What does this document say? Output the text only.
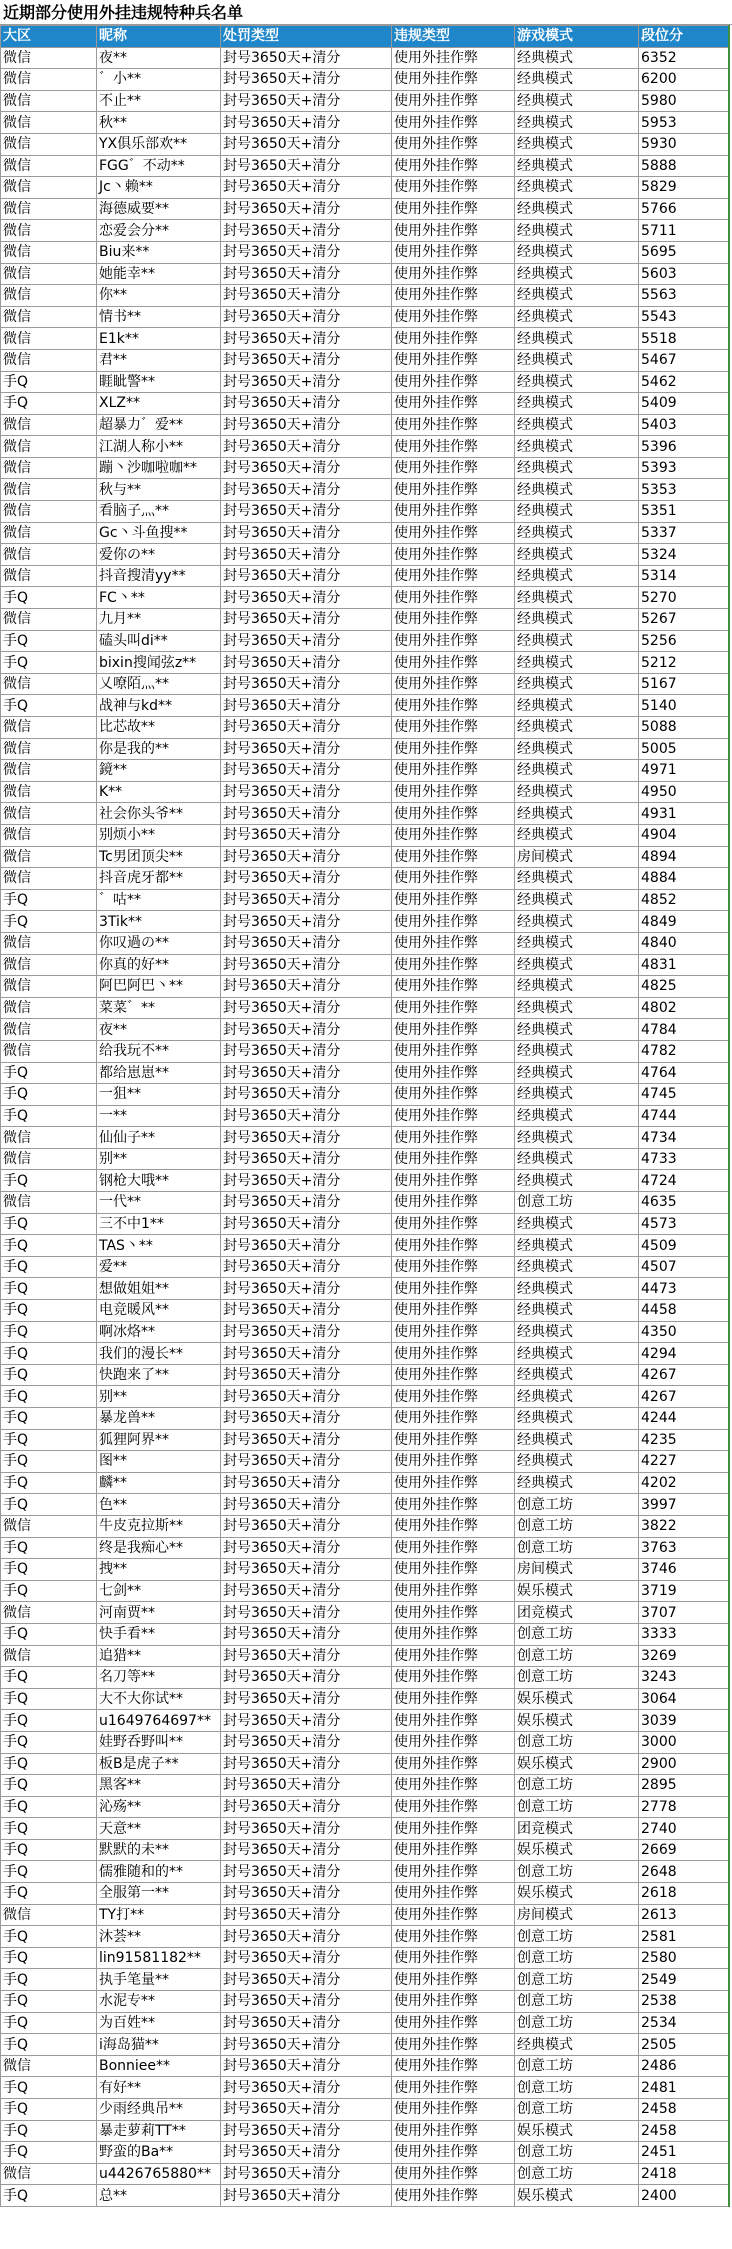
近期部分使用外挂违规特种兵名单
大区	昵称	处罚类型	违规类型	游戏模式	段位分
微信	夜**	封号3650天+清分	使用外挂作弊	经典模式	6352
微信	゛小**	封号3650天+清分	使用外挂作弊	经典模式	6200
微信	不止**	封号3650天+清分	使用外挂作弊	经典模式	5980
微信	秋**	封号3650天+清分	使用外挂作弊	经典模式	5953
微信	YX俱乐部欢**	封号3650天+清分	使用外挂作弊	经典模式	5930
微信	FGG゛不动**	封号3650天+清分	使用外挂作弊	经典模式	5888
微信	Jc丶赖**	封号3650天+清分	使用外挂作弊	经典模式	5829
微信	海德威要**	封号3650天+清分	使用外挂作弊	经典模式	5766
微信	恋爱会分**	封号3650天+清分	使用外挂作弊	经典模式	5711
微信	Biu来**	封号3650天+清分	使用外挂作弊	经典模式	5695
微信	她能幸**	封号3650天+清分	使用外挂作弊	经典模式	5603
微信	你**	封号3650天+清分	使用外挂作弊	经典模式	5563
微信	情书**	封号3650天+清分	使用外挂作弊	经典模式	5543
微信	E1k**	封号3650天+清分	使用外挂作弊	经典模式	5518
微信	君**	封号3650天+清分	使用外挂作弊	经典模式	5467
手Q	睚眦警**	封号3650天+清分	使用外挂作弊	经典模式	5462
手Q	XLZ**	封号3650天+清分	使用外挂作弊	经典模式	5409
微信	超暴力゛爱**	封号3650天+清分	使用外挂作弊	经典模式	5403
微信	江湖人称小**	封号3650天+清分	使用外挂作弊	经典模式	5396
微信	蹦丶沙咖啦咖**	封号3650天+清分	使用外挂作弊	经典模式	5393
微信	秋与**	封号3650天+清分	使用外挂作弊	经典模式	5353
微信	看脑子灬**	封号3650天+清分	使用外挂作弊	经典模式	5351
微信	Gc丶斗鱼搜**	封号3650天+清分	使用外挂作弊	经典模式	5337
微信	爱你の**	封号3650天+清分	使用外挂作弊	经典模式	5324
微信	抖音搜清yy**	封号3650天+清分	使用外挂作弊	经典模式	5314
手Q	FC丶**	封号3650天+清分	使用外挂作弊	经典模式	5270
微信	九月**	封号3650天+清分	使用外挂作弊	经典模式	5267
手Q	磕头叫di**	封号3650天+清分	使用外挂作弊	经典模式	5256
手Q	bixin搜闻弦z**	封号3650天+清分	使用外挂作弊	经典模式	5212
微信	乂嘹陌灬**	封号3650天+清分	使用外挂作弊	经典模式	5167
手Q	战神与kd**	封号3650天+清分	使用外挂作弊	经典模式	5140
微信	比芯故**	封号3650天+清分	使用外挂作弊	经典模式	5088
微信	你是我的**	封号3650天+清分	使用外挂作弊	经典模式	5005
微信	鏡**	封号3650天+清分	使用外挂作弊	经典模式	4971
微信	K**	封号3650天+清分	使用外挂作弊	经典模式	4950
微信	社会你头爷**	封号3650天+清分	使用外挂作弊	经典模式	4931
微信	别烦小**	封号3650天+清分	使用外挂作弊	经典模式	4904
微信	Tc男团顶尖**	封号3650天+清分	使用外挂作弊	房间模式	4894
微信	抖音虎牙都**	封号3650天+清分	使用外挂作弊	经典模式	4884
手Q	゛咕**	封号3650天+清分	使用外挂作弊	经典模式	4852
手Q	3Tik**	封号3650天+清分	使用外挂作弊	经典模式	4849
微信	你叹過の**	封号3650天+清分	使用外挂作弊	经典模式	4840
微信	你真的好**	封号3650天+清分	使用外挂作弊	经典模式	4831
微信	阿巴阿巴丶**	封号3650天+清分	使用外挂作弊	经典模式	4825
微信	菜菜゛**	封号3650天+清分	使用外挂作弊	经典模式	4802
微信	夜**	封号3650天+清分	使用外挂作弊	经典模式	4784
微信	给我玩不**	封号3650天+清分	使用外挂作弊	经典模式	4782
手Q	都给崽崽**	封号3650天+清分	使用外挂作弊	经典模式	4764
手Q	一狙**	封号3650天+清分	使用外挂作弊	经典模式	4745
手Q	一**	封号3650天+清分	使用外挂作弊	经典模式	4744
微信	仙仙子**	封号3650天+清分	使用外挂作弊	经典模式	4734
微信	别**	封号3650天+清分	使用外挂作弊	经典模式	4733
手Q	钢枪大哦**	封号3650天+清分	使用外挂作弊	经典模式	4724
微信	一代**	封号3650天+清分	使用外挂作弊	创意工坊	4635
手Q	三不中1**	封号3650天+清分	使用外挂作弊	经典模式	4573
手Q	TAS丶**	封号3650天+清分	使用外挂作弊	经典模式	4509
手Q	爱**	封号3650天+清分	使用外挂作弊	经典模式	4507
手Q	想做姐姐**	封号3650天+清分	使用外挂作弊	经典模式	4473
手Q	电竞暖风**	封号3650天+清分	使用外挂作弊	经典模式	4458
手Q	啊冰烙**	封号3650天+清分	使用外挂作弊	经典模式	4350
手Q	我们的漫长**	封号3650天+清分	使用外挂作弊	经典模式	4294
手Q	快跑来了**	封号3650天+清分	使用外挂作弊	经典模式	4267
手Q	别**	封号3650天+清分	使用外挂作弊	经典模式	4267
手Q	暴龙兽**	封号3650天+清分	使用外挂作弊	经典模式	4244
手Q	狐狸阿界**	封号3650天+清分	使用外挂作弊	经典模式	4235
手Q	图**	封号3650天+清分	使用外挂作弊	经典模式	4227
手Q	麟**	封号3650天+清分	使用外挂作弊	经典模式	4202
手Q	色**	封号3650天+清分	使用外挂作弊	创意工坊	3997
微信	牛皮克拉斯**	封号3650天+清分	使用外挂作弊	创意工坊	3822
手Q	终是我痴心**	封号3650天+清分	使用外挂作弊	创意工坊	3763
手Q	拽**	封号3650天+清分	使用外挂作弊	房间模式	3746
手Q	七剑**	封号3650天+清分	使用外挂作弊	娱乐模式	3719
微信	河南贾**	封号3650天+清分	使用外挂作弊	团竞模式	3707
手Q	快手看**	封号3650天+清分	使用外挂作弊	创意工坊	3333
微信	追猎**	封号3650天+清分	使用外挂作弊	创意工坊	3269
手Q	名刀等**	封号3650天+清分	使用外挂作弊	创意工坊	3243
手Q	大不大你试**	封号3650天+清分	使用外挂作弊	娱乐模式	3064
手Q	u1649764697**	封号3650天+清分	使用外挂作弊	娱乐模式	3039
手Q	娃野呑野叫**	封号3650天+清分	使用外挂作弊	创意工坊	3000
手Q	板B是虎子**	封号3650天+清分	使用外挂作弊	娱乐模式	2900
手Q	黑客**	封号3650天+清分	使用外挂作弊	创意工坊	2895
手Q	沁殇**	封号3650天+清分	使用外挂作弊	创意工坊	2778
手Q	天意**	封号3650天+清分	使用外挂作弊	团竞模式	2740
手Q	默默的未**	封号3650天+清分	使用外挂作弊	娱乐模式	2669
手Q	儒雅随和的**	封号3650天+清分	使用外挂作弊	创意工坊	2648
手Q	全服第一**	封号3650天+清分	使用外挂作弊	娱乐模式	2618
微信	TY打**	封号3650天+清分	使用外挂作弊	房间模式	2613
手Q	沐荟**	封号3650天+清分	使用外挂作弊	创意工坊	2581
手Q	lin91581182**	封号3650天+清分	使用外挂作弊	创意工坊	2580
手Q	执手笔量**	封号3650天+清分	使用外挂作弊	创意工坊	2549
手Q	水泥专**	封号3650天+清分	使用外挂作弊	创意工坊	2538
手Q	为百姓**	封号3650天+清分	使用外挂作弊	创意工坊	2534
手Q	i海岛猫**	封号3650天+清分	使用外挂作弊	经典模式	2505
微信	Bonniee**	封号3650天+清分	使用外挂作弊	创意工坊	2486
手Q	有好**	封号3650天+清分	使用外挂作弊	创意工坊	2481
手Q	少雨经典吊**	封号3650天+清分	使用外挂作弊	创意工坊	2458
手Q	暴走萝莉TT**	封号3650天+清分	使用外挂作弊	娱乐模式	2458
手Q	野蛮的Ba**	封号3650天+清分	使用外挂作弊	创意工坊	2451
微信	u4426765880**	封号3650天+清分	使用外挂作弊	创意工坊	2418
手Q	总**	封号3650天+清分	使用外挂作弊	娱乐模式	2400
